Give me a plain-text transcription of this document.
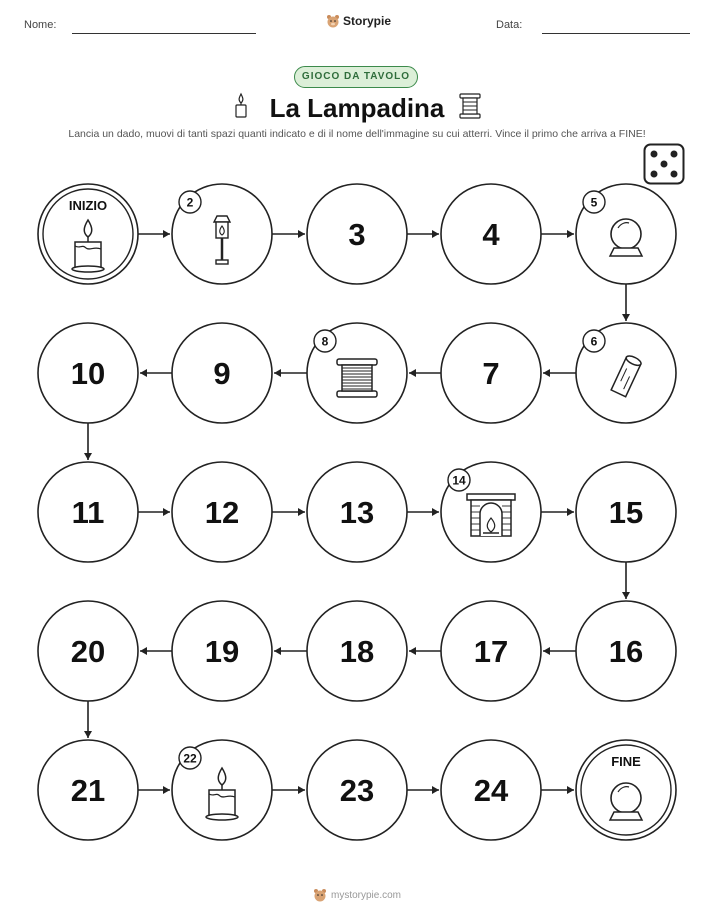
Nome:	Storypie	Data:
GIOCO DA TAVOLO
La Lampadina
Lancia un dado, muovi di tanti spazi quanti indicato e di il nome dell'immagine su cui atterri. Vince il primo che arriva a FINE!
INIZIO	2
3	4
5
6
7
8
9
10
11	12	13
14
15
16
17
18
19
20
21
22
23	24
FINE
mystorypie.com
